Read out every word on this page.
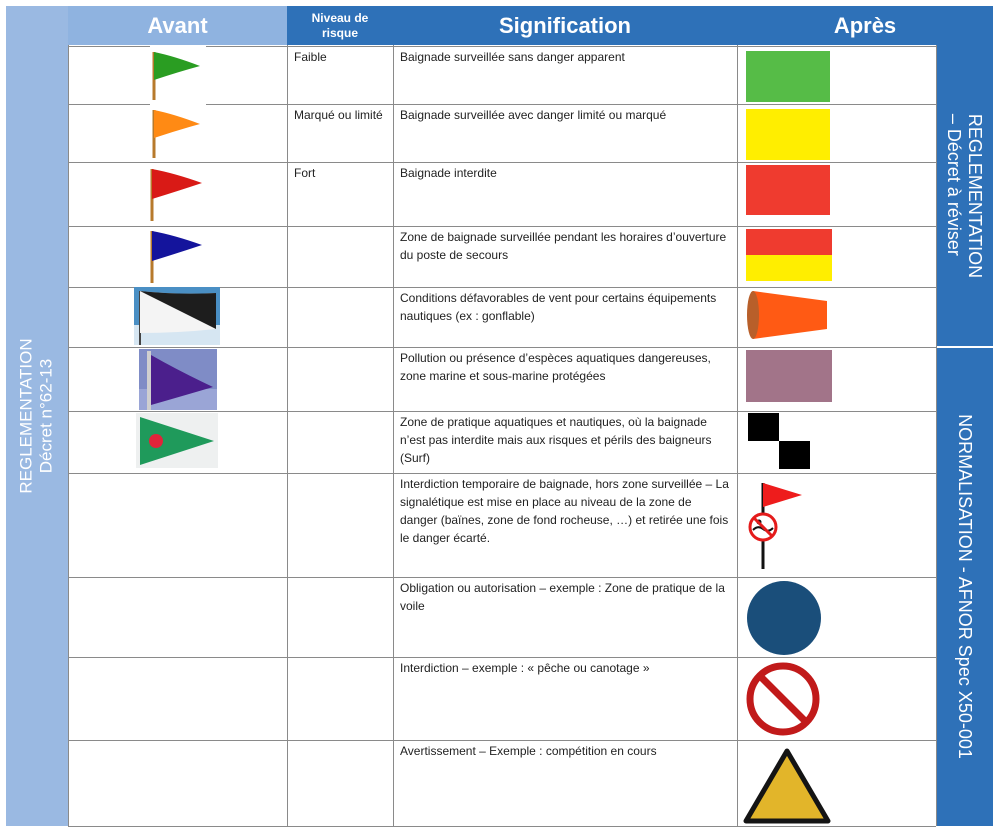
REGLEMENTATION Décret n°62-13
Avant	Niveau de risque	Signification	Après
REGLEMENTATION – Décret à réviser
NORMALISATION - AFNOR Spec X50-001
Faible	Baignade surveillée sans danger apparent
Marqué ou limité	Baignade surveillée avec danger limité ou marqué
Fort	Baignade interdite
Zone de baignade surveillée pendant les horaires d’ouverture du poste de secours
Conditions défavorables de vent pour certains équipements nautiques (ex : gonflable)
Pollution ou présence d’espèces aquatiques dangereuses, zone marine et sous-marine protégées
Zone de pratique aquatiques et nautiques, où la baignade n’est pas interdite mais aux risques et périls des baigneurs (Surf)
Interdiction temporaire de baignade, hors zone surveillée – La signalétique est mise en place au niveau de la zone de danger (baïnes, zone de fond rocheuse, …) et retirée une fois le danger écarté.
Obligation ou autorisation – exemple : Zone de pratique de la voile
Interdiction – exemple : « pêche ou canotage »
Avertissement – Exemple : compétition en cours
